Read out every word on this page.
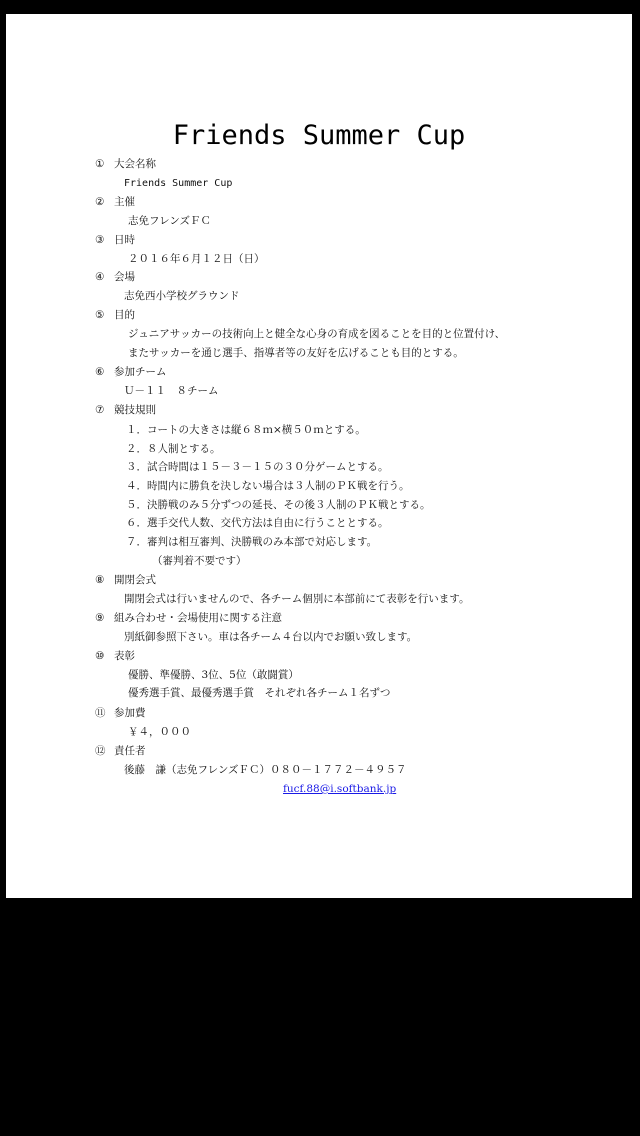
Friends Summer Cup
① 大会名称
Friends Summer Cup
② 主催
志免フレンズＦＣ
③ 日時
２０１６年６月１２日（日）
④ 会場
志免西小学校グラウンド
⑤ 目的
ジュニアサッカーの技術向上と健全な心身の育成を図ることを目的と位置付け、
またサッカーを通じ選手、指導者等の友好を広げることも目的とする。
⑥ 参加チーム
Ｕ－１１　８チーム
⑦ 競技規則
１．コートの大きさは縦６８ｍ×横５０ｍとする。
２．８人制とする。
３．試合時間は１５－３－１５の３０分ゲームとする。
４．時間内に勝負を決しない場合は３人制のＰＫ戦を行う。
５．決勝戦のみ５分ずつの延長、その後３人制のＰＫ戦とする。
６．選手交代人数、交代方法は自由に行うこととする。
７．審判は相互審判、決勝戦のみ本部で対応します。
（審判着不要です）
⑧ 開閉会式
開閉会式は行いませんので、各チーム個別に本部前にて表彰を行います。
⑨ 組み合わせ・会場使用に関する注意
別紙御参照下さい。車は各チーム４台以内でお願い致します。
⑩ 表彰
優勝、準優勝、3位、5位（敢闘賞）
優秀選手賞、最優秀選手賞　それぞれ各チーム１名ずつ
⑪ 参加費
￥４，０００
⑫ 責任者
後藤　謙（志免フレンズＦＣ）０８０－１７７２－４９５７
fucf.88@i.softbank.jp
